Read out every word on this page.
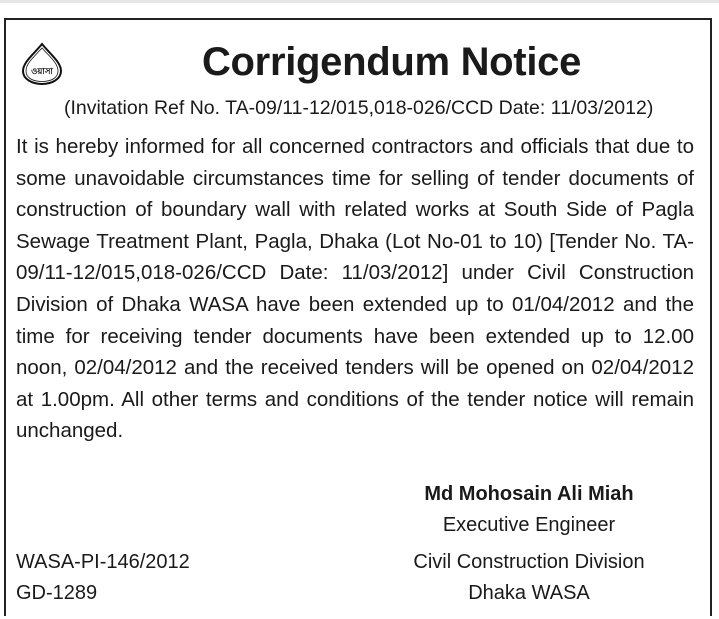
ওয়াসা	Corrigendum Notice
(Invitation Ref No. TA-09/11-12/015,018-026/CCD Date: 11/03/2012)
It is hereby informed for all concerned contractors and officials that due to some unavoidable circumstances time for selling of tender documents of construction of boundary wall with related works at South Side of Pagla Sewage Treatment Plant, Pagla, Dhaka (Lot No-01 to 10) [Tender No. TA-09/11-12/015,018-026/CCD Date: 11/03/2012] under Civil Construction Division of Dhaka WASA have been extended up to 01/04/2012 and the time for receiving tender documents have been extended up to 12.00 noon, 02/04/2012 and the received tenders will be opened on 02/04/2012 at 1.00pm. All other terms and conditions of the tender notice will remain unchanged.
Md Mohosain Ali Miah
Executive Engineer
Civil Construction Division
Dhaka WASA
WASA-PI-146/2012
GD-1289
